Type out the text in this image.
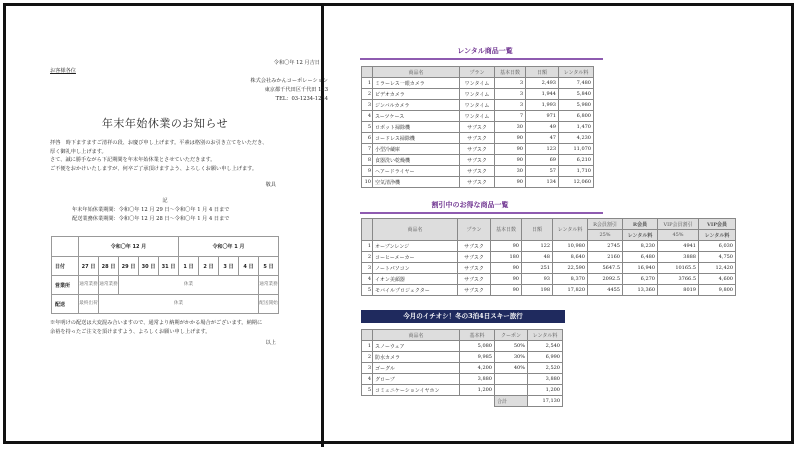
令和〇年 12 月吉日
お客様各位
株式会社みかんコーポレーション
東京都千代田区千代田 123
TEL：03-1234-1234
年末年始休業のお知らせ
拝啓　時下ますますご清祥の段、お慶び申し上げます。平素は格別のお引き立てをいただき、
厚く御礼申し上げます。
さて、誠に勝手ながら下記期間を年末年始休業とさせていただきます。
ご不便をおかけいたしますが、何卒ご了承頂けますよう、よろしくお願い申し上げます。
敬具
記
年末年始休業期間：令和〇年 12 月 29 日～令和〇年 1 月 4 日まで
配送業務休業期間：令和〇年 12 月 28 日～令和〇年 1 月 4 日まで
※年明けの配送は大変混み合いますので、通常より納期がかかる場合がございます。納期に
余裕を持ったご注文を頂けますよう、よろしくお願い申し上げます。
以上
	令和〇年 12 月					令和〇年 1 月				
日付	27 日	28 日	29 日	30 日	31 日	1 日	2 日	3 日	4 日	5 日
営業所	通常業務	通常業務	休業							通常業務
配送	最終出荷	休業								配送開始
レンタル商品一覧
	商品名	プラン	基本日数	日額	レンタル料
1	ミラーレス一眼カメラ	ワンタイム	3	2,493	7,480
2	ビデオカメラ	ワンタイム	3	1,944	5,840
3	ジンバルカメラ	ワンタイム	3	1,993	5,980
4	スーツケース	ワンタイム	7	971	6,800
5	ロボット掃除機	サブスク	30	49	1,470
6	コードレス掃除機	サブスク	90	47	4,230
7	小型冷蔵庫	サブスク	90	123	11,070
8	食器洗い乾燥機	サブスク	90	69	6,210
9	ヘアードライヤー	サブスク	30	57	1,710
10	空気清浄機	サブスク	90	134	12,060
割引中のお得な商品一覧
	商品名	プラン	基本日数	日額	レンタル料	R会員割引	R会員	VIP会員割引	VIP会員
						25%	レンタル料	45%	レンタル料
1	オーブンレンジ	サブスク	90	122	10,980	2745	8,230	4941	6,030
2	コーヒーメーカー	サブスク	180	48	8,640	2160	6,480	3888	4,750
3	ノートパソコン	サブスク	90	251	22,590	5647.5	16,940	10165.5	12,420
4	イオン美顔器	サブスク	90	93	8,370	2092.5	6,270	3766.5	4,600
5	モバイルプロジェクター	サブスク	90	198	17,820	4455	13,360	8019	9,800
今月のイチオシ！冬の3泊4日スキー旅行
	商品名	基本料	クーポン	レンタル料
1	スノーウェア	5,080	50%	2,540
2	防水カメラ	9,985	30%	6,990
3	ゴーグル	4,200	40%	2,520
4	グローブ	3,880		3,880
5	コミュニケーションイヤホン	1,200		1,200
			合計	17,130
